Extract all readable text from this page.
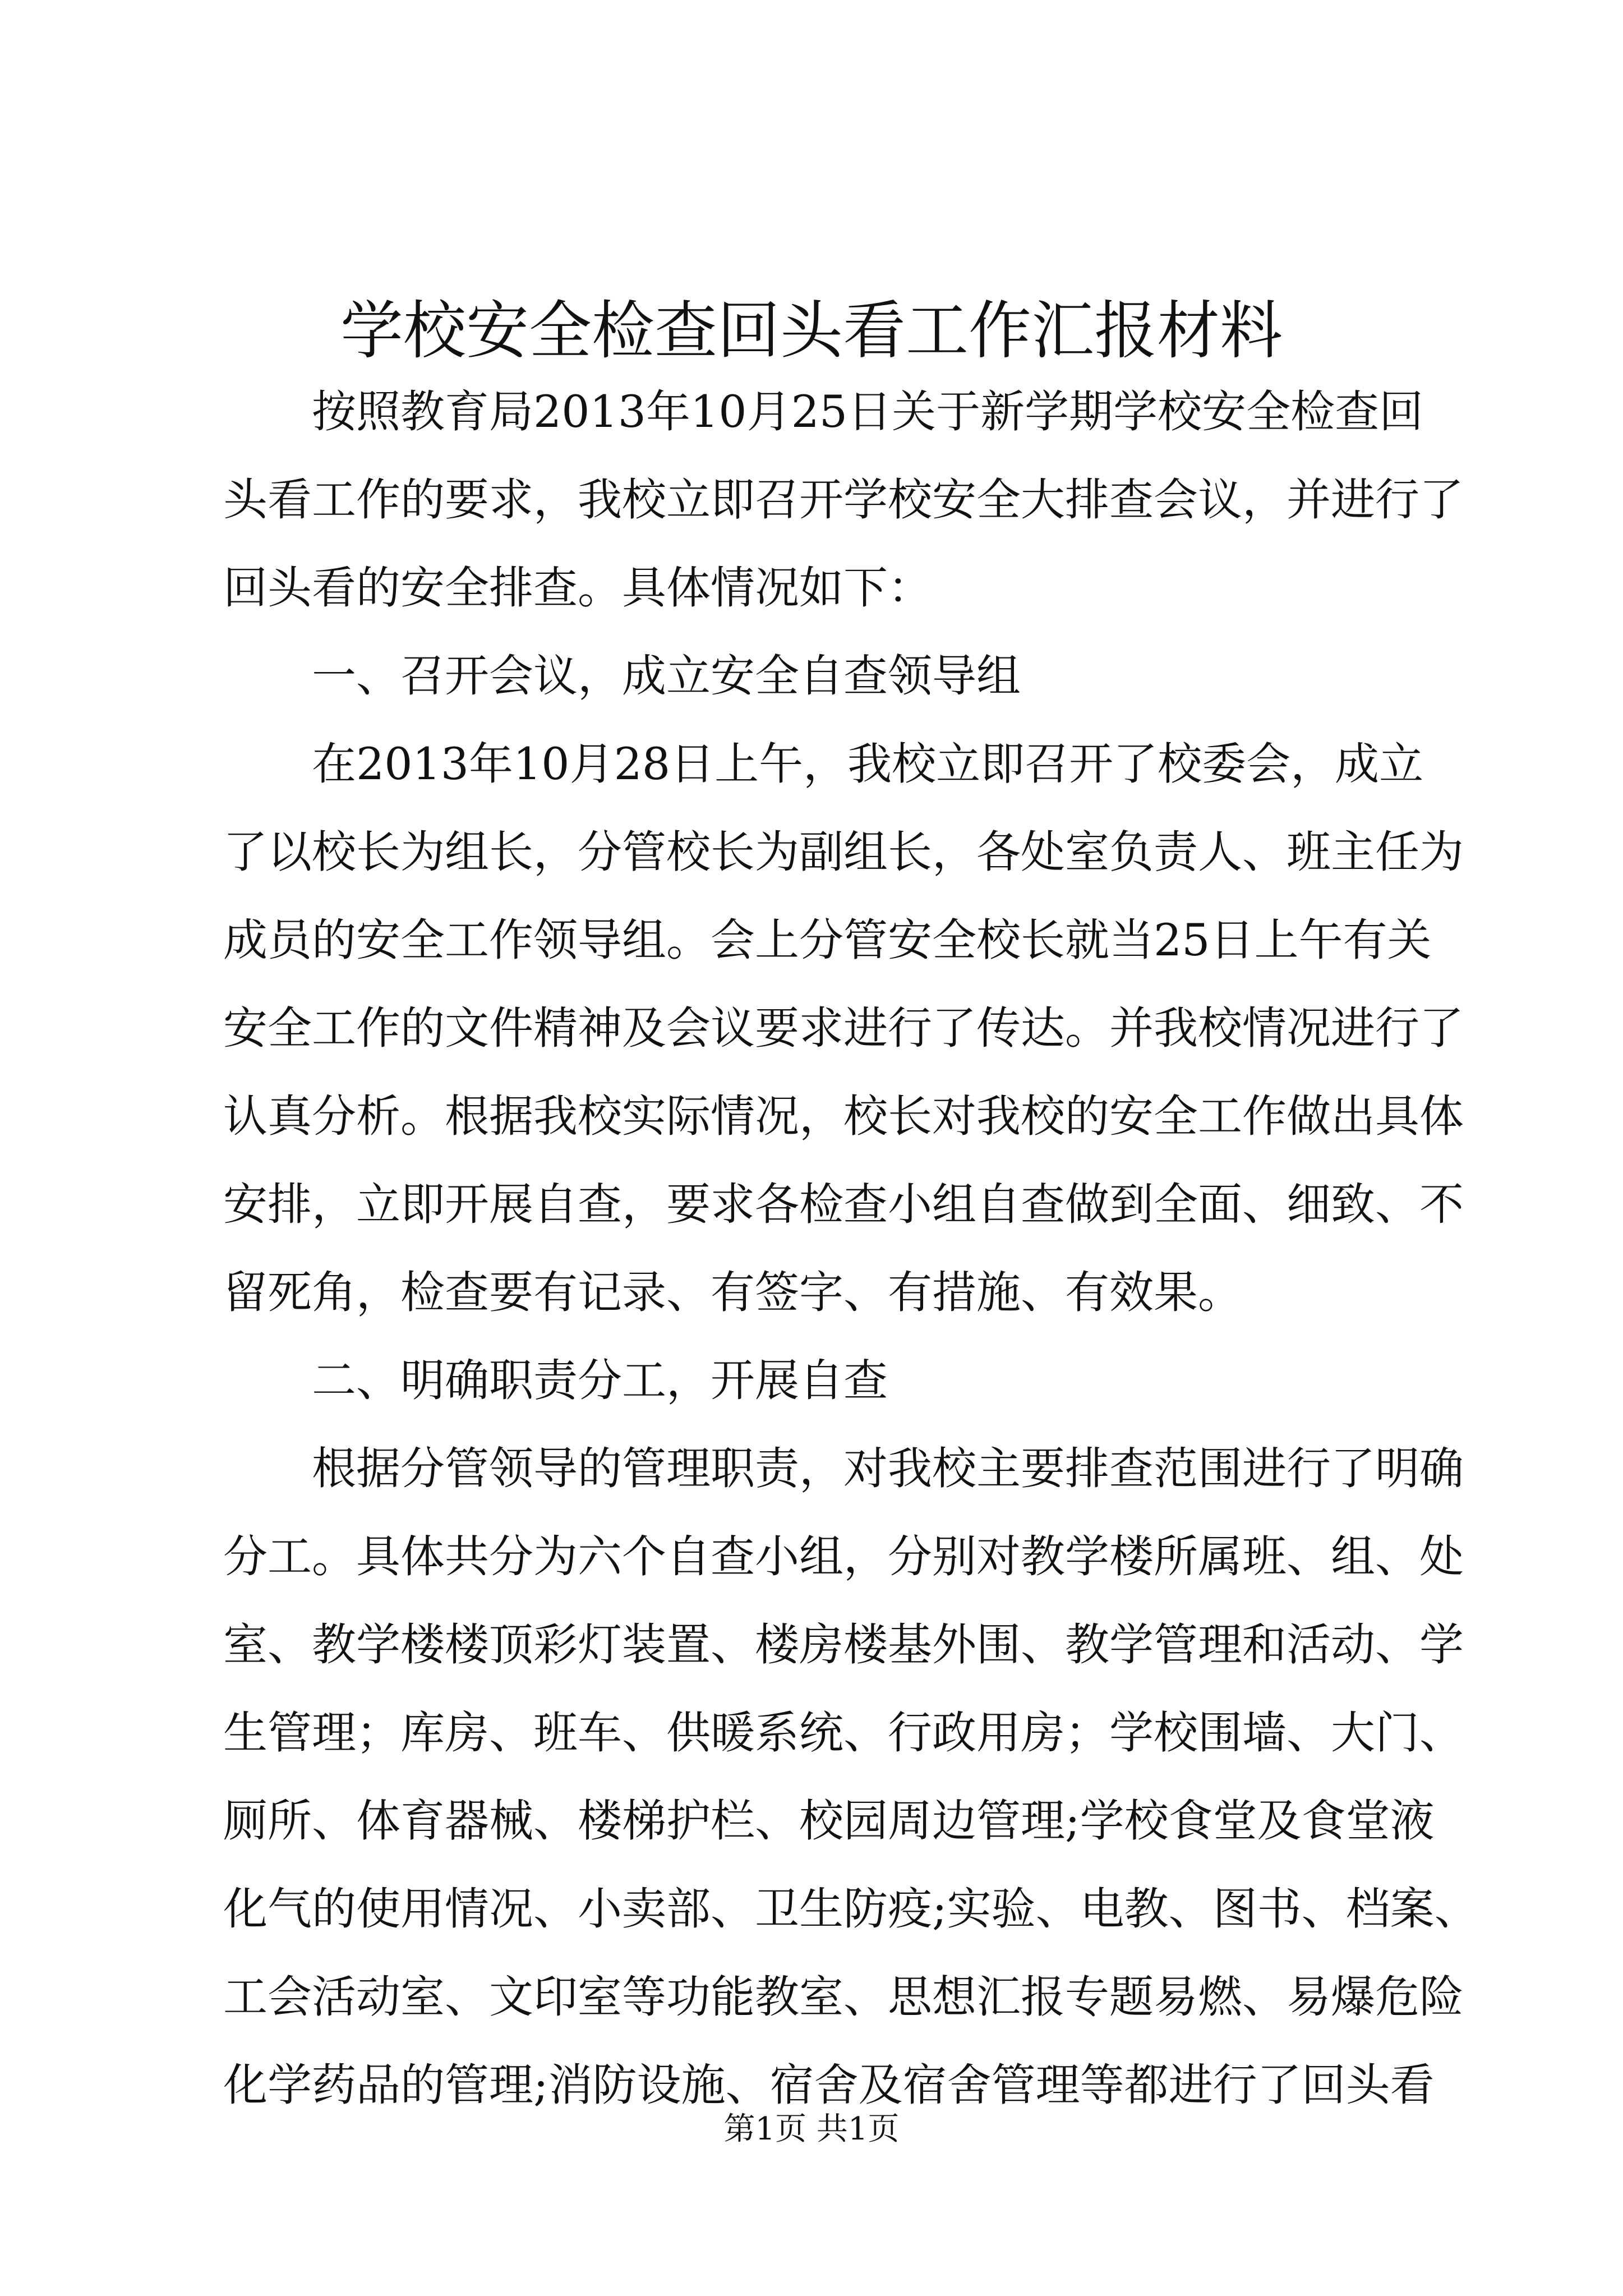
学校安全检查回头看工作汇报材料
按照教育局2013年10月25日关于新学期学校安全检查回
头看工作的要求，我校立即召开学校安全大排查会议，并进行了
回头看的安全排查。具体情况如下：
一、召开会议，成立安全自查领导组
在2013年10月28日上午，我校立即召开了校委会，成立
了以校长为组长，分管校长为副组长，各处室负责人、班主任为
成员的安全工作领导组。会上分管安全校长就当25日上午有关
安全工作的文件精神及会议要求进行了传达。并我校情况进行了
认真分析。根据我校实际情况，校长对我校的安全工作做出具体
安排，立即开展自查，要求各检查小组自查做到全面、细致、不
留死角，检查要有记录、有签字、有措施、有效果。
二、明确职责分工，开展自查
根据分管领导的管理职责，对我校主要排查范围进行了明确
分工。具体共分为六个自查小组，分别对教学楼所属班、组、处
室、教学楼楼顶彩灯装置、楼房楼基外围、教学管理和活动、学
生管理；库房、班车、供暖系统、行政用房；学校围墙、大门、
厕所、体育器械、楼梯护栏、校园周边管理;学校食堂及食堂液
化气的使用情况、小卖部、卫生防疫;实验、电教、图书、档案、
工会活动室、文印室等功能教室、思想汇报专题易燃、易爆危险
化学药品的管理;消防设施、宿舍及宿舍管理等都进行了回头看
第1页 共1页
